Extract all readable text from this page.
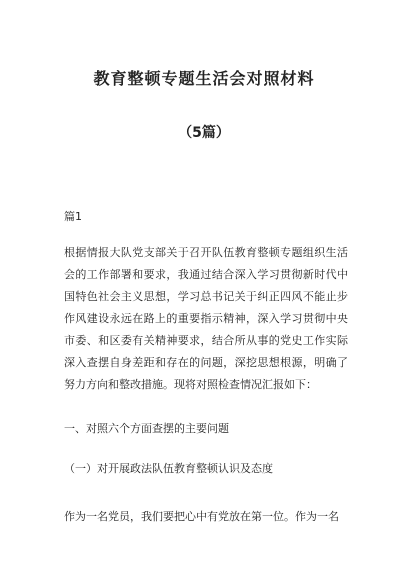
教育整顿专题生活会对照材料
（5篇）
篇1

根据情报大队党支部关于召开队伍教育整顿专题组织生活会的工作部署和要求，我通过结合深入学习贯彻新时代中国特色社会主义思想，学习总书记关于纠正四风不能止步作风建设永远在路上的重要指示精神，深入学习贯彻中央市委、和区委有关精神要求，结合所从事的党史工作实际深入查摆自身差距和存在的问题，深挖思想根源，明确了努力方向和整改措施。现将对照检查情况汇报如下：

一、对照六个方面查摆的主要问题
（一）对开展政法队伍教育整顿认识及态度

作为一名党员，我们要把心中有党放在第一位。作为一名
